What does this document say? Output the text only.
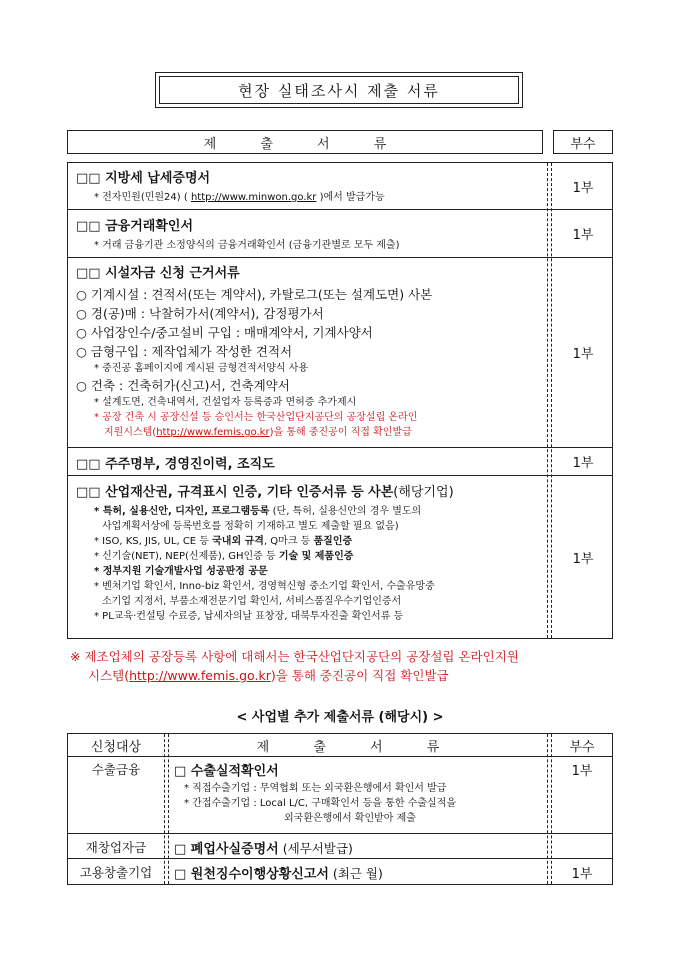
현장 실태조사시 제출 서류
제 출 서 류	부수
□□ 지방세 납세증명서
* 전자민원(민원24) ( http://www.minwon.go.kr )에서 발급가능
1부
□□ 금융거래확인서
* 거래 금융기관 소정양식의 금융거래확인서 (금융기관별로 모두 제출)
1부
□□ 시설자금 신청 근거서류
○ 기계시설 : 견적서(또는 계약서), 카탈로그(또는 설계도면) 사본
○ 경(공)매 : 낙찰허가서(계약서), 감정평가서
○ 사업장인수/중고설비 구입 : 매매계약서, 기계사양서
○ 금형구입 : 제작업체가 작성한 견적서
* 중진공 홈페이지에 게시된 금형견적서양식 사용
○ 건축 : 건축허가(신고)서, 건축계약서
* 설계도면, 건축내역서, 건설업자 등록증과 면허증 추가제시
* 공장 건축 시 공장신설 등 승인서는 한국산업단지공단의 공장설립 온라인
지원시스템(http://www.femis.go.kr)을 통해 중진공이 직접 확인발급
1부
□□ 주주명부, 경영진이력, 조직도	1부
□□ 산업재산권, 규격표시 인증, 기타 인증서류 등 사본(해당기업)
* 특허, 실용신안, 디자인, 프로그램등록 (단, 특허, 실용신안의 경우 별도의
사업계획서상에 등록번호를 정확히 기재하고 별도 제출할 필요 없음)
* ISO, KS, JIS, UL, CE 등 국내외 규격, Q마크 등 품질인증
* 신기술(NET), NEP(신제품), GH인증 등 기술 및 제품인증
* 정부지원 기술개발사업 성공판정 공문
* 벤처기업 확인서, Inno-biz 확인서, 경영혁신형 중소기업 확인서, 수출유망중
소기업 지정서, 부품소재전문기업 확인서, 서비스품질우수기업인증서
* PL교육·컨설팅 수료증, 납세자의날 표창장, 대북투자진출 확인서류 등
1부
※ 제조업체의 공장등록 사항에 대해서는 한국산업단지공단의 공장설립 온라인지원
시스템(http://www.femis.go.kr)을 통해 중진공이 직접 확인발급
< 사업별 추가 제출서류 (해당시) >
신청대상	제 출 서 류	부수
수출금융	□ 수출실적확인서
* 직접수출기업 : 무역협회 또는 외국환은행에서 확인서 발급
* 간접수출기업 : Local L/C, 구매확인서 등을 통한 수출실적을
외국환은행에서 확인받아 제출
1부
재창업자금	□ 폐업사실증명서 (세무서발급)
고용창출기업	□ 원천징수이행상황신고서 (최근 월)	1부
